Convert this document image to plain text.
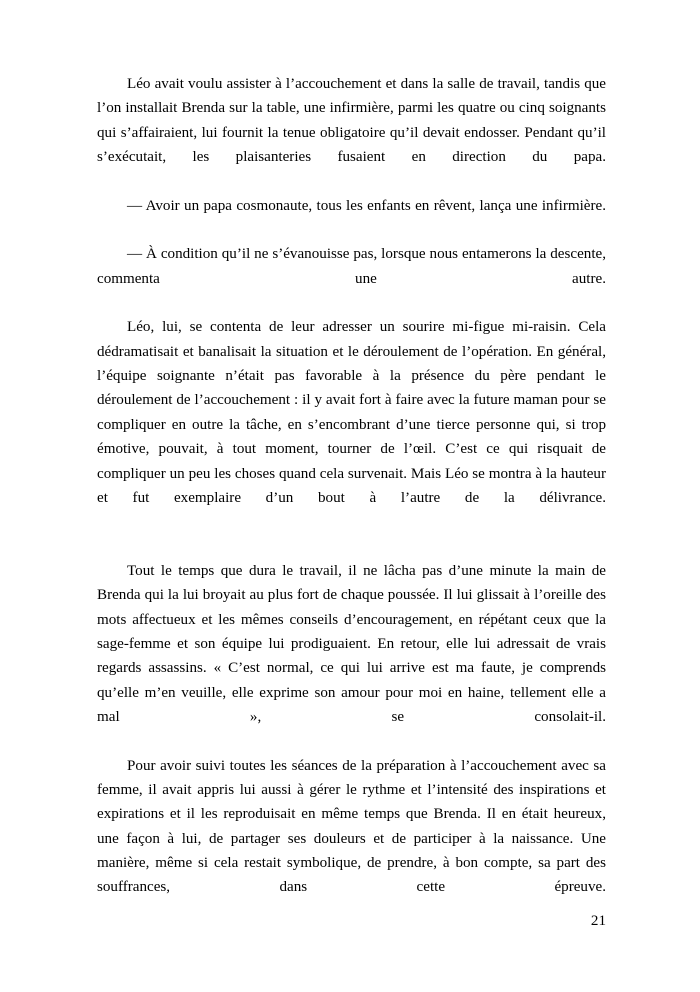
Léo avait voulu assister à l’accouchement et dans la salle de travail, tandis que l’on installait Brenda sur la table, une infirmière, parmi les quatre ou cinq soignants qui s’affairaient, lui fournit la tenue obligatoire qu’il devait endosser. Pendant qu’il s’exécutait, les plaisanteries fusaient en direction du papa.

— Avoir un papa cosmonaute, tous les enfants en rêvent, lança une infirmière.

— À condition qu’il ne s’évanouisse pas, lorsque nous entamerons la descente, commenta une autre.

Léo, lui, se contenta de leur adresser un sourire mi-figue mi-raisin. Cela dédramatisait et banalisait la situation et le déroulement de l’opération. En général, l’équipe soignante n’était pas favorable à la présence du père pendant le déroulement de l’accouchement : il y avait fort à faire avec la future maman pour se compliquer en outre la tâche, en s’encombrant d’une tierce personne qui, si trop émotive, pouvait, à tout moment, tourner de l’œil. C’est ce qui risquait de compliquer un peu les choses quand cela survenait. Mais Léo se montra à la hauteur et fut exemplaire d’un bout à l’autre de la délivrance.

Tout le temps que dura le travail, il ne lâcha pas d’une minute la main de Brenda qui la lui broyait au plus fort de chaque poussée. Il lui glissait à l’oreille des mots affectueux et les mêmes conseils d’encouragement, en répétant ceux que la sage-femme et son équipe lui prodiguaient. En retour, elle lui adressait de vrais regards assassins. « C’est normal, ce qui lui arrive est ma faute, je comprends qu’elle m’en veuille, elle exprime son amour pour moi en haine, tellement elle a mal », se consolait-il.

Pour avoir suivi toutes les séances de la préparation à l’accouchement avec sa femme, il avait appris lui aussi à gérer le rythme et l’intensité des inspirations et expirations et il les reproduisait en même temps que Brenda. Il en était heureux, une façon à lui, de partager ses douleurs et de participer à la naissance. Une manière, même si cela restait symbolique, de prendre, à bon compte, sa part des souffrances, dans cette épreuve.

21
